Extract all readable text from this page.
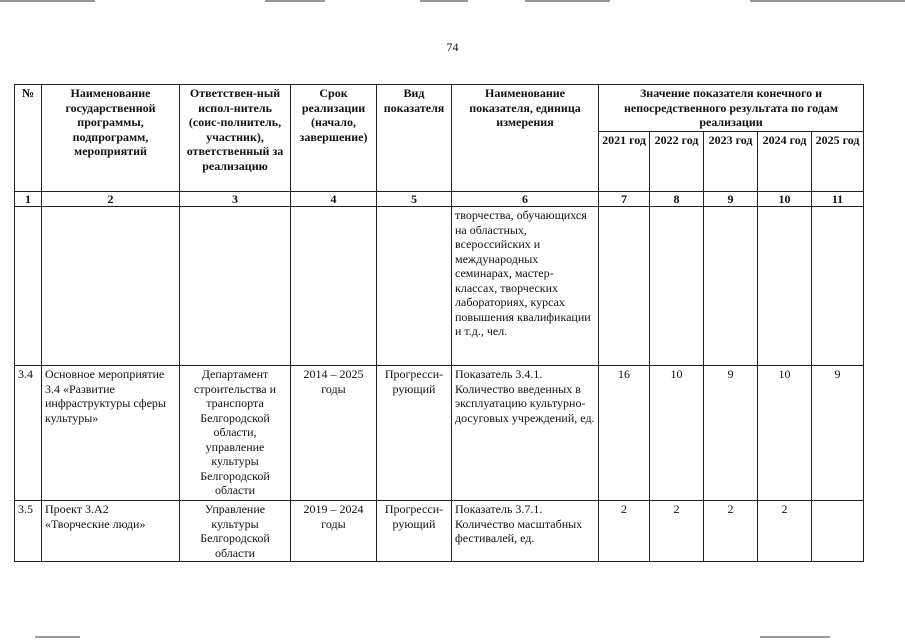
74
№	Наименование государственной программы, подпрограмм, мероприятий	Ответствен-ный испол-нитель (соис-полнитель, участник), ответственный за реализацию	Срок реализации (начало, завершение)	Вид показателя	Наименование показателя, единица измерения	Значение показателя конечного и непосредственного результата по годам реализации				
						2021 год	2022 год	2023 год	2024 год	2025 год
1	2	3	4	5	6	7	8	9	10	11
					творчества, обучающихся на областных, всероссийских и международных семинарах, мастер-классах, творческих лабораториях, курсах повышения квалификации и т.д., чел.					
3.4	Основное мероприятие 3.4 «Развитие инфраструктуры сферы культуры»	Департамент строительства и транспорта Белгородской области, управление культуры Белгородской области	2014 – 2025 годы	Прогресси-рующий	Показатель 3.4.1. Количество введенных в эксплуатацию культурно-досуговых учреждений, ед.	16	10	9	10	9
3.5	Проект 3.А2 «Творческие люди»	Управление культуры Белгородской области	2019 – 2024 годы	Прогресси-рующий	Показатель 3.7.1. Количество масштабных фестивалей, ед.	2	2	2	2	
